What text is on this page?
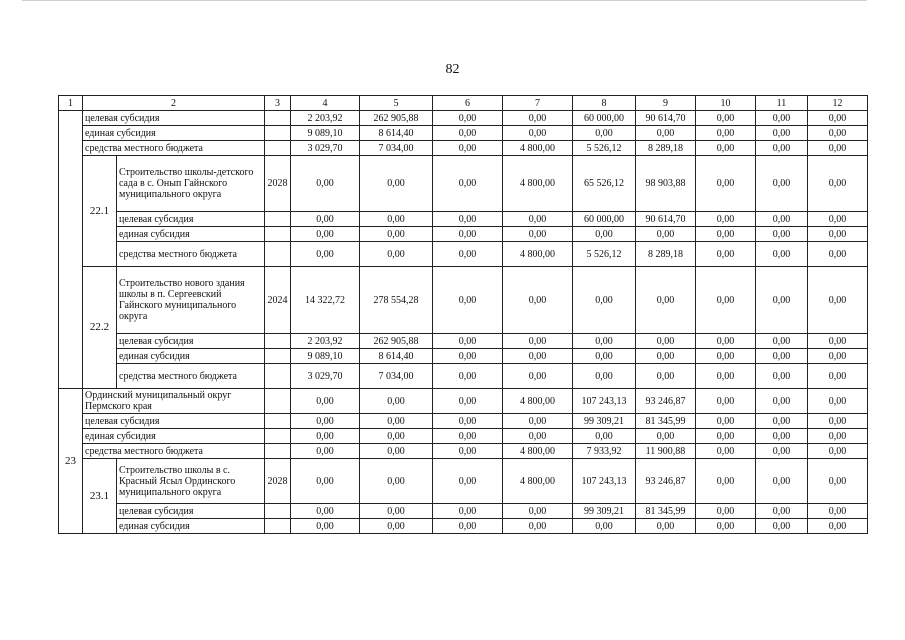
82
1	2		3	4	5	6	7	8	9	10	11	12
	целевая субсидия			2 203,92	262 905,88	0,00	0,00	60 000,00	90 614,70	0,00	0,00	0,00
	единая субсидия			9 089,10	8 614,40	0,00	0,00	0,00	0,00	0,00	0,00	0,00
	средства местного бюджета			3 029,70	7 034,00	0,00	4 800,00	5 526,12	8 289,18	0,00	0,00	0,00
	22.1	Строительство школы-детского сада в с. Онып Гайнского муниципального округа	2028	0,00	0,00	0,00	4 800,00	65 526,12	98 903,88	0,00	0,00	0,00
		целевая субсидия		0,00	0,00	0,00	0,00	60 000,00	90 614,70	0,00	0,00	0,00
		единая субсидия		0,00	0,00	0,00	0,00	0,00	0,00	0,00	0,00	0,00
		средства местного бюджета		0,00	0,00	0,00	4 800,00	5 526,12	8 289,18	0,00	0,00	0,00
	22.2	Строительство нового здания школы в п. Сергеевский Гайнского муниципального округа	2024	14 322,72	278 554,28	0,00	0,00	0,00	0,00	0,00	0,00	0,00
		целевая субсидия		2 203,92	262 905,88	0,00	0,00	0,00	0,00	0,00	0,00	0,00
		единая субсидия		9 089,10	8 614,40	0,00	0,00	0,00	0,00	0,00	0,00	0,00
		средства местного бюджета		3 029,70	7 034,00	0,00	0,00	0,00	0,00	0,00	0,00	0,00
23	Ординский муниципальный округ Пермского края			0,00	0,00	0,00	4 800,00	107 243,13	93 246,87	0,00	0,00	0,00
	целевая субсидия			0,00	0,00	0,00	0,00	99 309,21	81 345,99	0,00	0,00	0,00
	единая субсидия			0,00	0,00	0,00	0,00	0,00	0,00	0,00	0,00	0,00
	средства местного бюджета			0,00	0,00	0,00	4 800,00	7 933,92	11 900,88	0,00	0,00	0,00
	23.1	Строительство школы в с. Красный Ясыл Ординского муниципального округа	2028	0,00	0,00	0,00	4 800,00	107 243,13	93 246,87	0,00	0,00	0,00
		целевая субсидия		0,00	0,00	0,00	0,00	99 309,21	81 345,99	0,00	0,00	0,00
		единая субсидия		0,00	0,00	0,00	0,00	0,00	0,00	0,00	0,00	0,00
